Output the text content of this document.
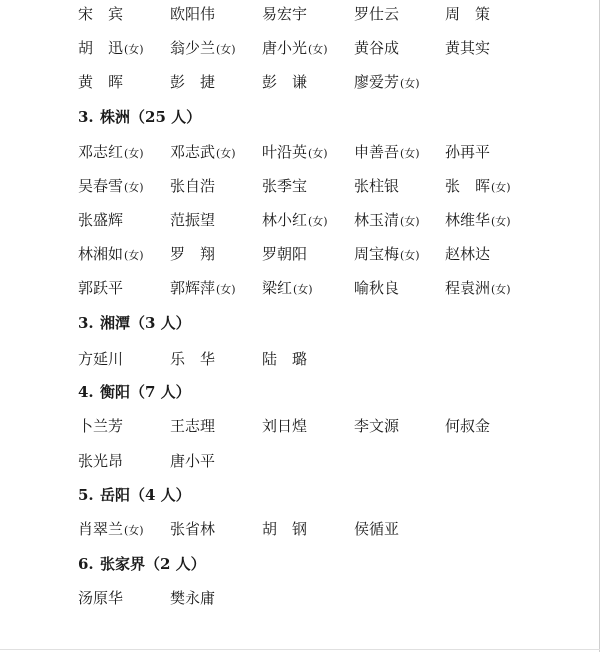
宋　宾	欧阳伟	易宏宇	罗仕云	周　策
胡　迅(女) 翁少兰(女) 唐小光(女) 黄谷成	黄其实
黄　晖	彭　捷	彭　谦	廖爱芳(女)
3. 株洲（25 人）
邓志红(女) 邓志武(女) 叶沿英(女) 申善吾(女) 孙再平
吴春雪(女) 张自浩	张季宝	张柱银	张　晖(女)
张盛辉	范振望	林小红(女) 林玉清(女) 林维华(女)
林湘如(女) 罗　翔	罗朝阳	周宝梅(女) 赵林达
郭跃平	郭辉萍(女) 梁红(女)	喻秋良	程袁洲(女)
3. 湘潭（3 人）
方延川	乐　华	陆　璐
4. 衡阳（7 人）
卜兰芳	王志理	刘日煌	李文源	何叔金
张光昂	唐小平
5. 岳阳（4 人）
肖翠兰(女) 张省林	胡　钢	侯循亚
6. 张家界（2 人）
汤原华	樊永庸
